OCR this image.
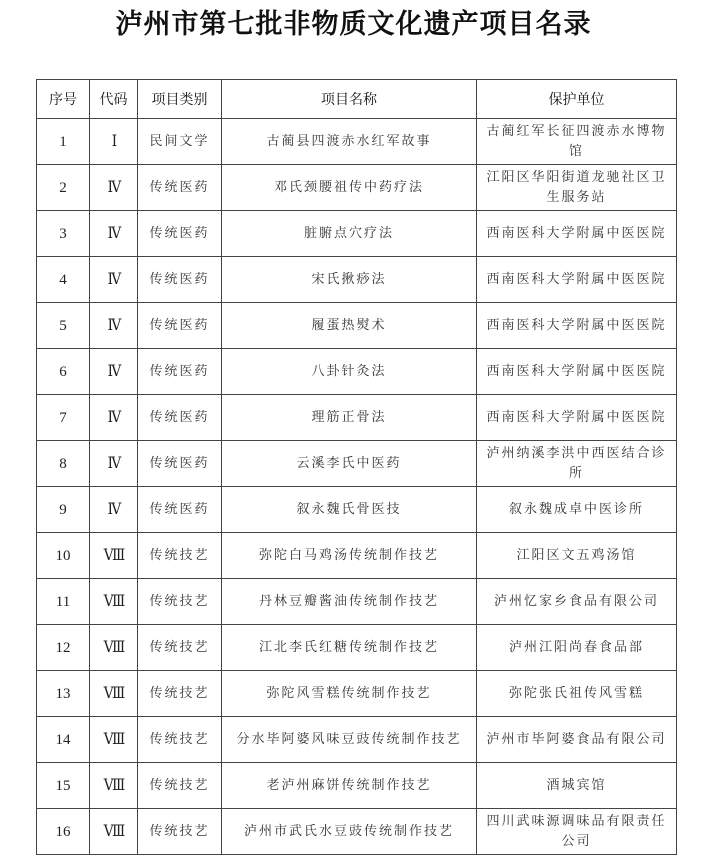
泸州市第七批非物质文化遗产项目名录
序号	代码	项目类别	项目名称	保护单位
1	Ⅰ	民间文学	古蔺县四渡赤水红军故事	古蔺红军长征四渡赤水博物馆
2	Ⅳ	传统医药	邓氏颈腰祖传中药疗法	江阳区华阳街道龙驰社区卫生服务站
3	Ⅳ	传统医药	脏腑点穴疗法	西南医科大学附属中医医院
4	Ⅳ	传统医药	宋氏揪痧法	西南医科大学附属中医医院
5	Ⅳ	传统医药	履蛋热熨术	西南医科大学附属中医医院
6	Ⅳ	传统医药	八卦针灸法	西南医科大学附属中医医院
7	Ⅳ	传统医药	理筋正骨法	西南医科大学附属中医医院
8	Ⅳ	传统医药	云溪李氏中医药	泸州纳溪李洪中西医结合诊所
9	Ⅳ	传统医药	叙永魏氏骨医技	叙永魏成卓中医诊所
10	Ⅷ	传统技艺	弥陀白马鸡汤传统制作技艺	江阳区文五鸡汤馆
11	Ⅷ	传统技艺	丹林豆瓣酱油传统制作技艺	泸州忆家乡食品有限公司
12	Ⅷ	传统技艺	江北李氏红糖传统制作技艺	泸州江阳尚春食品部
13	Ⅷ	传统技艺	弥陀风雪糕传统制作技艺	弥陀张氏祖传风雪糕
14	Ⅷ	传统技艺	分水毕阿婆风味豆豉传统制作技艺	泸州市毕阿婆食品有限公司
15	Ⅷ	传统技艺	老泸州麻饼传统制作技艺	酒城宾馆
16	Ⅷ	传统技艺	泸州市武氏水豆豉传统制作技艺	四川武味源调味品有限责任公司
